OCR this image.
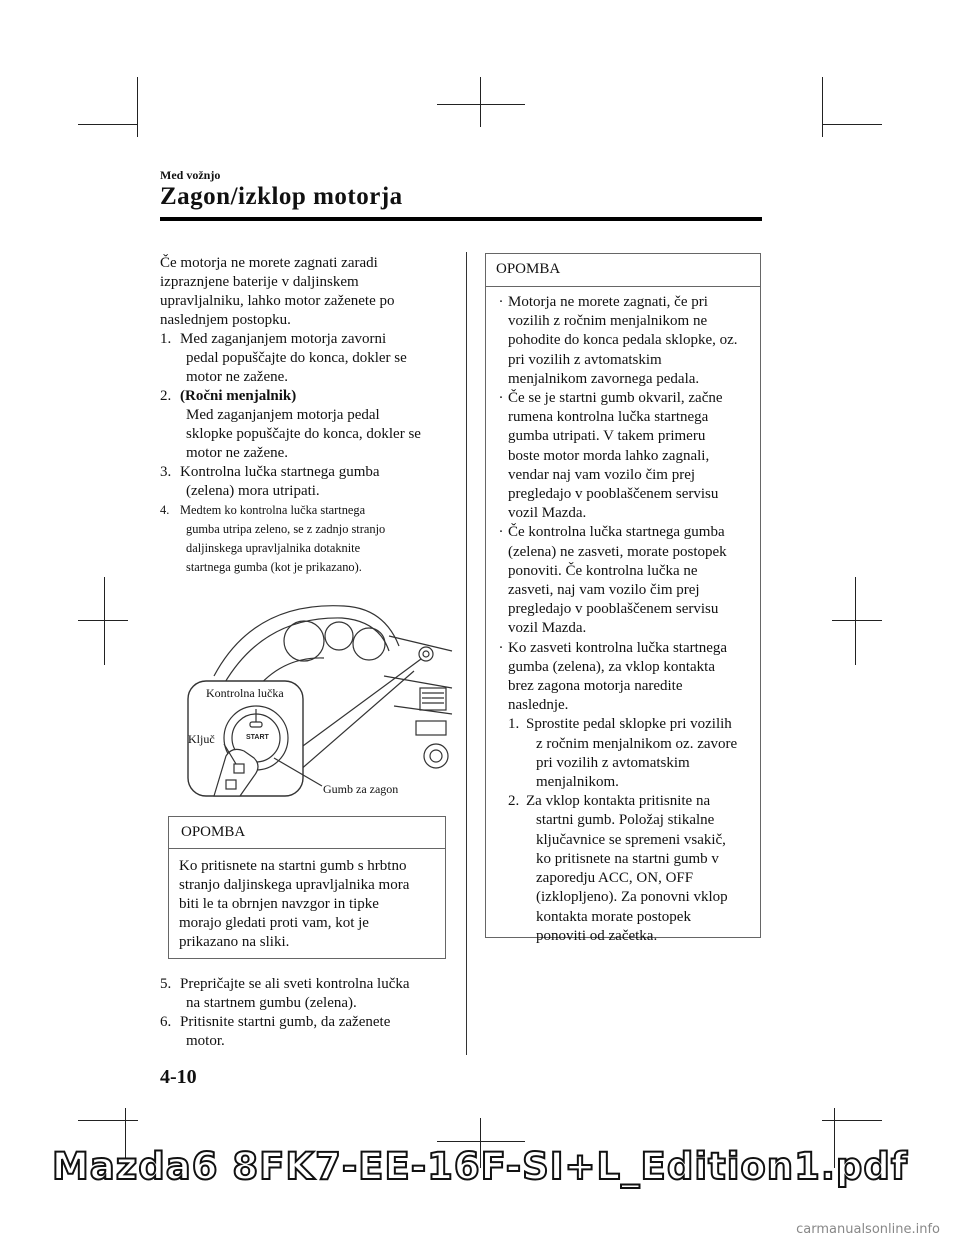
Med vožnjo
Zagon/izklop motorja

Če motorja ne morete zagnati zaradi

izpraznjene baterije v daljinskem

upravljalniku, lahko motor zaženete po

naslednjem postopku.

1. Med zaganjanjem motorja zavorni
pedal popuščajte do konca, dokler se
motor ne zažene.
2. (Ročni menjalnik)
Med zaganjanjem motorja pedal
sklopke popuščajte do konca, dokler se
motor ne zažene.
3. Kontrolna lučka startnega gumba
(zelena) mora utripati.
4. Medtem ko kontrolna lučka startnega
gumba utripa zeleno, se z zadnjo stranjo
daljinskega upravljalnika dotaknite
startnega gumba (kot je prikazano).
START
Kontrolna lučka
Ključ
Gumb za zagon
OPOMBA
Ko pritisnete na startni gumb s hrbtno
stranjo daljinskega upravljalnika mora
biti le ta obrnjen navzgor in tipke
morajo gledati proti vam, kot je
prikazano na sliki.
5. Prepričajte se ali sveti kontrolna lučka
na startnem gumbu (zelena).
6. Pritisnite startni gumb, da zaženete
motor.
OPOMBA
· Motorja ne morete zagnati, če pri
vozilih z ročnim menjalnikom ne
pohodite do konca pedala sklopke, oz.
pri vozilih z avtomatskim
menjalnikom zavornega pedala.
· Če se je startni gumb okvaril, začne
rumena kontrolna lučka startnega
gumba utripati. V takem primeru
boste motor morda lahko zagnali,
vendar naj vam vozilo čim prej
pregledajo v pooblaščenem servisu
vozil Mazda.
· Če kontrolna lučka startnega gumba
(zelena) ne zasveti, morate postopek
ponoviti. Če kontrolna lučka ne
zasveti, naj vam vozilo čim prej
pregledajo v pooblaščenem servisu
vozil Mazda.
· Ko zasveti kontrolna lučka startnega
gumba (zelena), za vklop kontakta
brez zagona motorja naredite
naslednje.
1. Sprostite pedal sklopke pri vozilih
z ročnim menjalnikom oz. zavore
pri vozilih z avtomatskim
menjalnikom.
2. Za vklop kontakta pritisnite na
startni gumb. Položaj stikalne
ključavnice se spremeni vsakič,
ko pritisnete na startni gumb v
zaporedju ACC, ON, OFF
(izklopljeno). Za ponovni vklop
kontakta morate postopek
ponoviti od začetka.
4-10
Mazda6 8FK7-EE-16F-SI+L_Edition1.pdf
carmanualsonline.info
